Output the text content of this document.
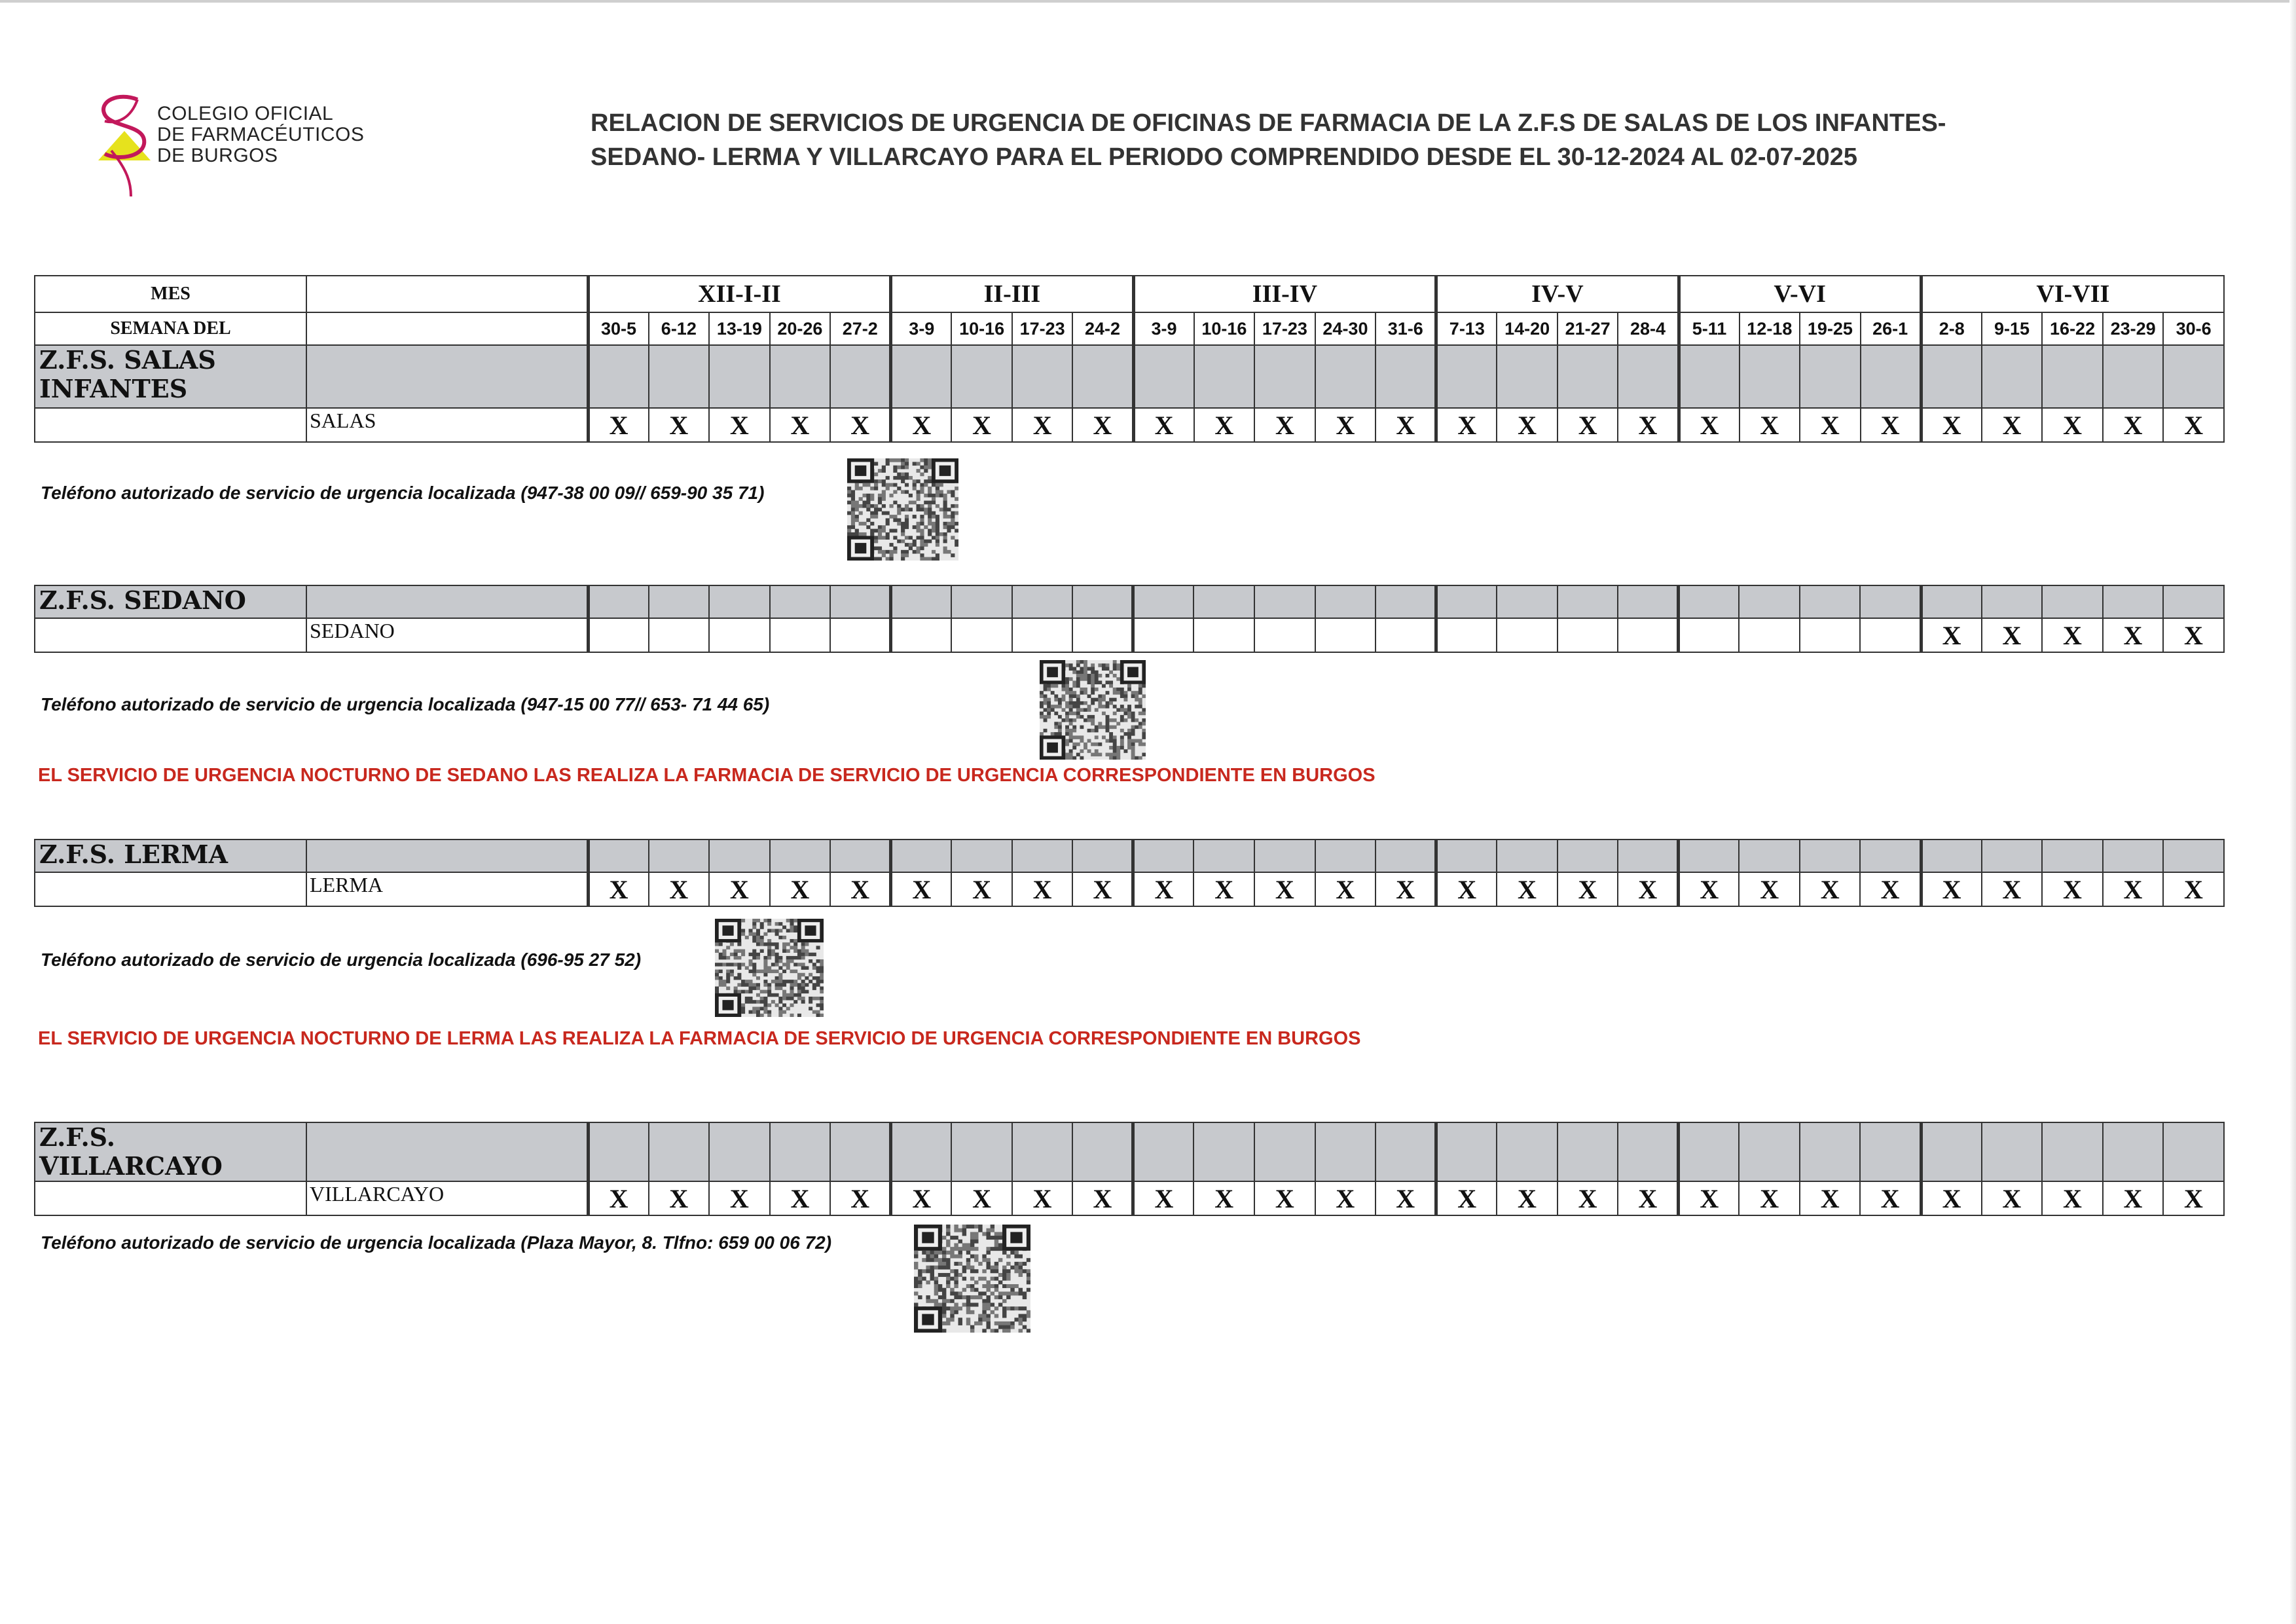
COLEGIO OFICIAL
DE FARMACÉUTICOS
DE BURGOS
RELACION DE SERVICIOS DE URGENCIA DE OFICINAS DE FARMACIA DE LA Z.F.S DE SALAS DE LOS INFANTES-
SEDANO- LERMA Y VILLARCAYO PARA EL PERIODO COMPRENDIDO DESDE EL 30-12-2024 AL 02-07-2025
MES		XII-I-II					II-III				III-IV					IV-V				V-VI				VI-VII				
SEMANA DEL		30-5	6-12	13-19	20-26	27-2	3-9	10-16	17-23	24-2	3-9	10-16	17-23	24-30	31-6	7-13	14-20	21-27	28-4	5-11	12-18	19-25	26-1	2-8	9-15	16-22	23-29	30-6
Z.F.S. SALAS INFANTES																												
	SALAS	X	X	X	X	X	X	X	X	X	X	X	X	X	X	X	X	X	X	X	X	X	X	X	X	X	X	X
Teléfono autorizado de servicio de urgencia localizada (947-38 00 09// 659-90 35 71)
Z.F.S. SEDANO																												
	SEDANO																							X	X	X	X	X
Teléfono autorizado de servicio de urgencia localizada (947-15 00 77// 653- 71 44 65)
EL SERVICIO DE URGENCIA NOCTURNO DE SEDANO LAS REALIZA LA FARMACIA DE SERVICIO DE URGENCIA CORRESPONDIENTE EN BURGOS
Z.F.S. LERMA																												
	LERMA	X	X	X	X	X	X	X	X	X	X	X	X	X	X	X	X	X	X	X	X	X	X	X	X	X	X	X
Teléfono autorizado de servicio de urgencia localizada (696-95 27 52)
EL SERVICIO DE URGENCIA NOCTURNO DE LERMA LAS REALIZA LA FARMACIA DE SERVICIO DE URGENCIA CORRESPONDIENTE EN BURGOS
Z.F.S. VILLARCAYO																												
	VILLARCAYO	X	X	X	X	X	X	X	X	X	X	X	X	X	X	X	X	X	X	X	X	X	X	X	X	X	X	X
Teléfono autorizado de servicio de urgencia localizada (Plaza Mayor, 8. Tlfno: 659 00 06 72)
